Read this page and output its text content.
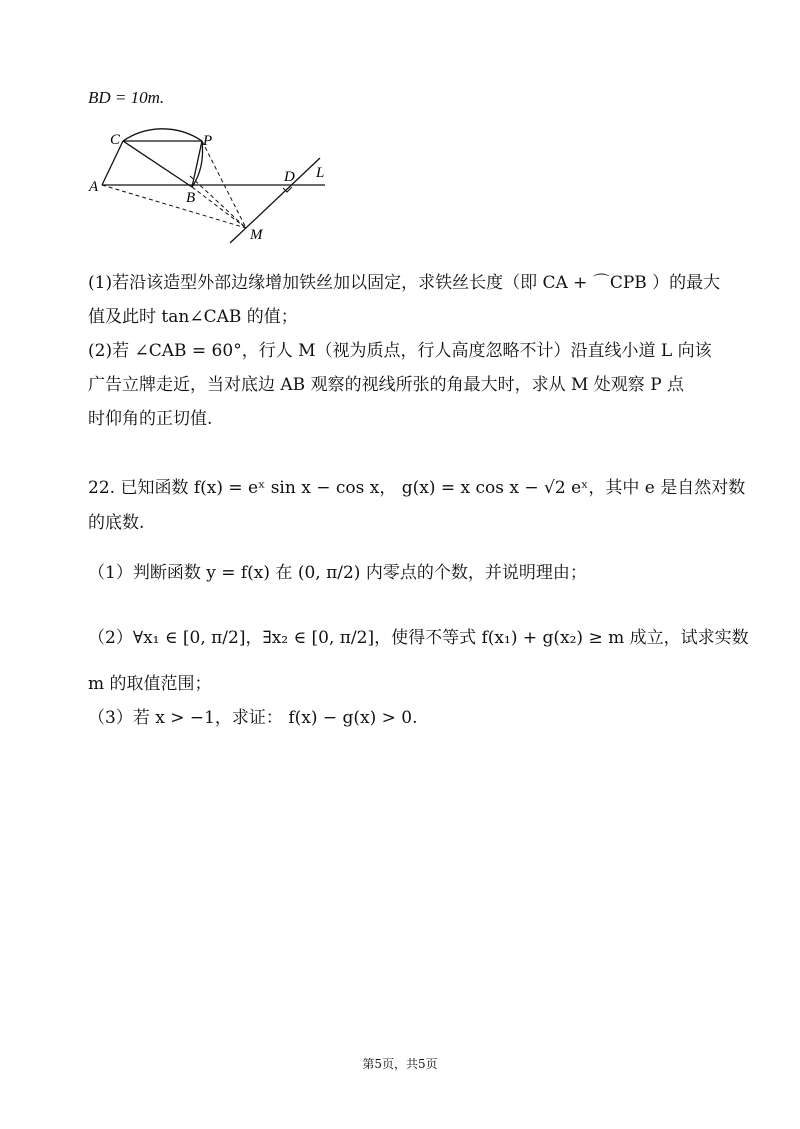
BD = 10m.
C	P
A
B
D L
M
(1)若沿该造型外部边缘增加铁丝加以固定，求铁丝长度（即 CA + ⌒CPB ）的最大
值及此时 tan∠CAB 的值；
(2)若 ∠CAB = 60°，行人 M（视为质点，行人高度忽略不计）沿直线小道 L 向该
广告立牌走近，当对底边 AB 观察的视线所张的角最大时，求从 M 处观察 P 点
时仰角的正切值.
22. 已知函数 f(x) = eˣ sin x − cos x， g(x) = x cos x − √2 eˣ，其中 e 是自然对数
的底数.
（1）判断函数 y = f(x) 在 (0, π/2) 内零点的个数，并说明理由；
（2）∀x₁ ∈ [0, π/2]，∃x₂ ∈ [0, π/2]，使得不等式 f(x₁) + g(x₂) ≥ m 成立，试求实数
m 的取值范围；
（3）若 x > −1，求证： f(x) − g(x) > 0.
第5页，共5页
